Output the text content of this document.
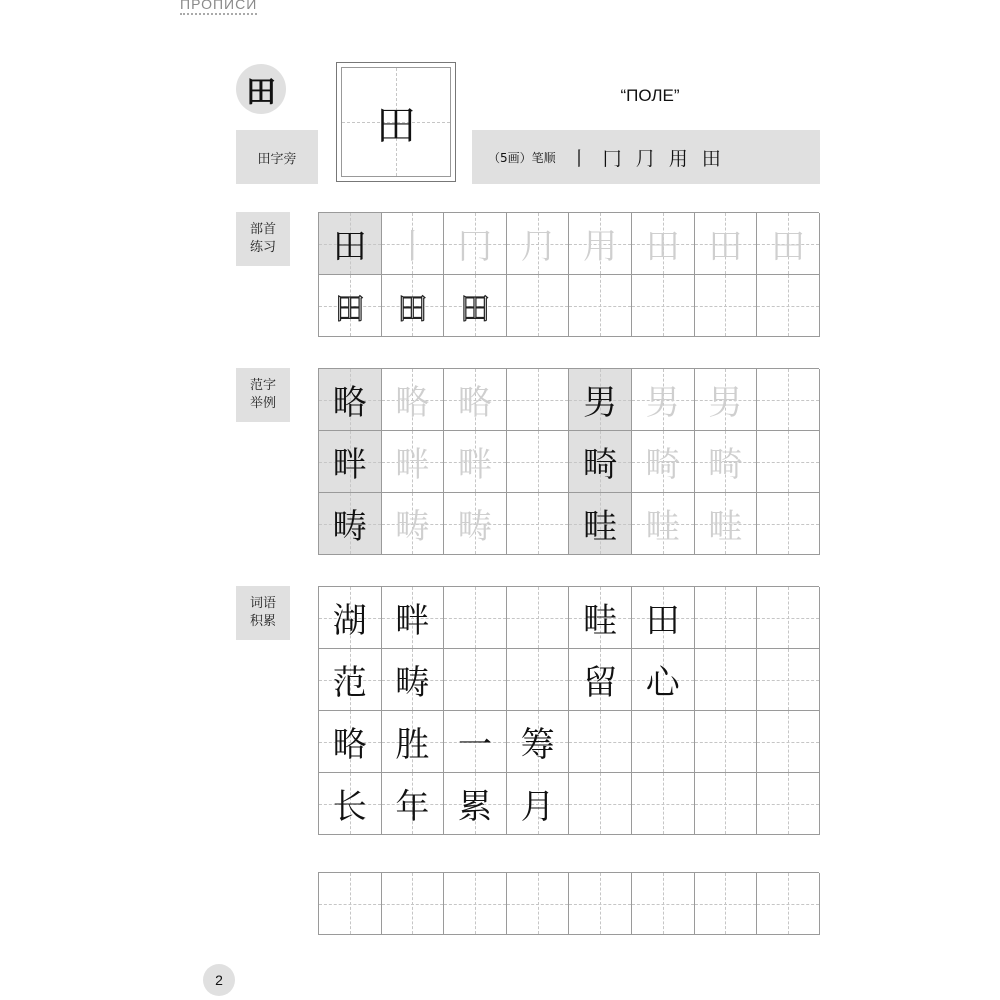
ПРОПИСИ
田
田字旁
田
“ПОЛЕ”
（5画）笔顺 丨 冂 ⺆ 用 田
部首
练习
范字
举例
词语
积累
田 丨 冂 ⺆ 用 田 田 田
田	田	田
略 略 略	男 男 男
畔 畔 畔	畸 畸 畸
畴 畴 畴	畦 畦 畦
湖 畔	畦 田
范 畴	留 心
略 胜 一 筹
长 年 累 月
2
